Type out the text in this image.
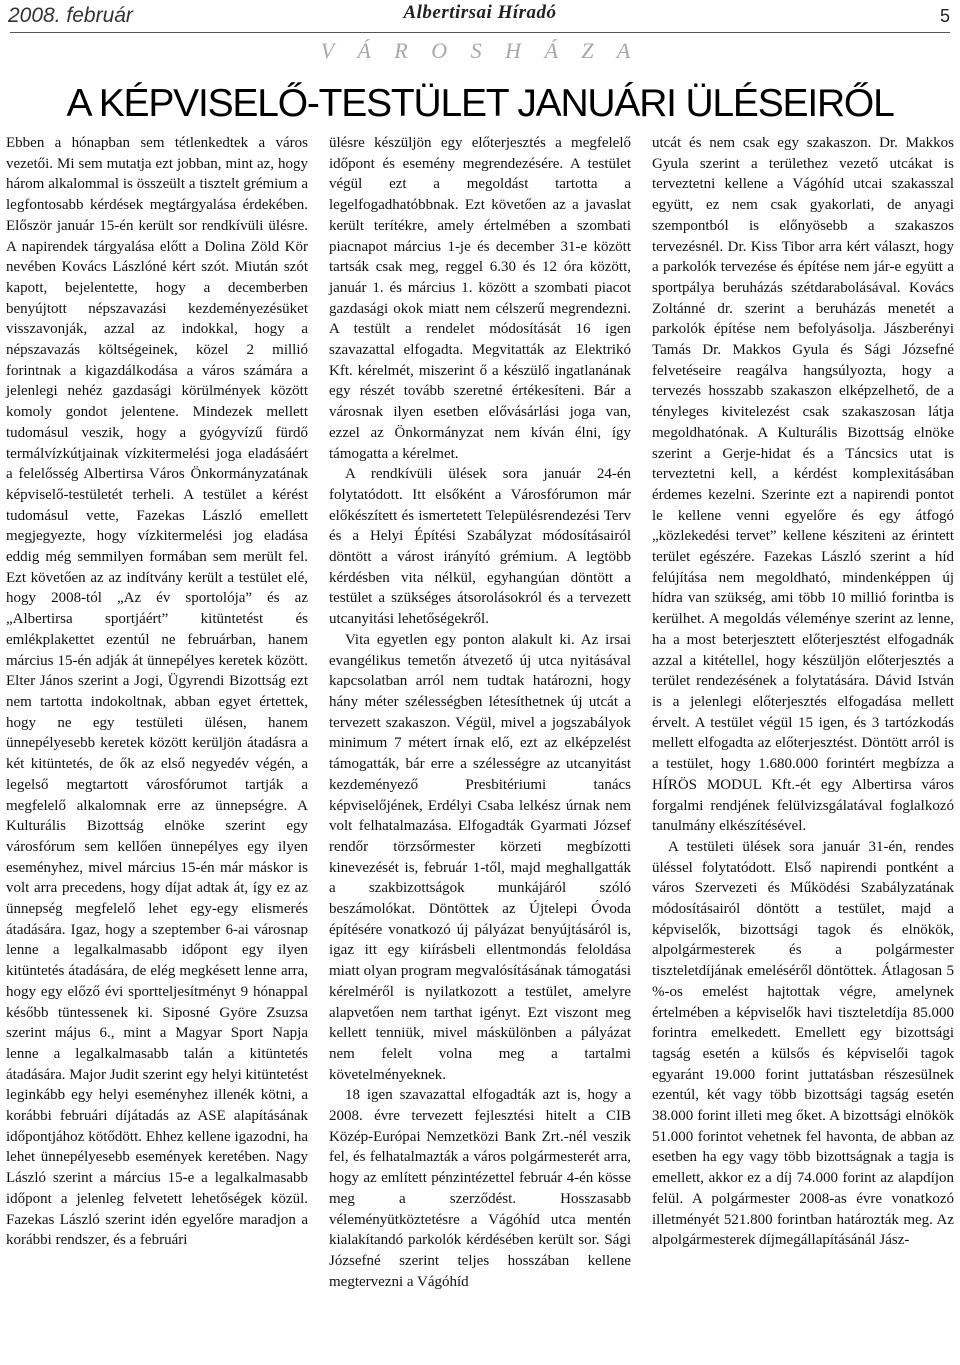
2008. február	Albertirsai Híradó	5
V Á R O S H Á Z A
A KÉPVISELŐ-TESTÜLET JANUÁRI ÜLÉSEIRŐL

Ebben a hónapban sem tétlenkedtek a város vezetői. Mi sem mutatja ezt jobban, mint az, hogy három alkalommal is összeült a tisztelt grémium a legfontosabb kérdések megtárgyalása érdekében. Először január 15-én került sor rendkívüli ülésre. A napirendek tárgyalása előtt a Dolina Zöld Kör nevében Kovács Lászlóné kért szót. Miután szót kapott, bejelentette, hogy a decemberben benyújtott népszavazási kezdeményezésüket visszavonják, azzal az indokkal, hogy a népszavazás költségeinek, közel 2 millió forintnak a kigazdálkodása a város számára a jelenlegi nehéz gazdasági körülmények között komoly gondot jelentene. Mindezek mellett tudomásul veszik, hogy a gyógyvízű fürdő termálvízkútjainak vízkitermelési joga eladásáért a felelősség Albertirsa Város Önkormányzatának képviselő-testületét terheli. A testület a kérést tudomásul vette, Fazekas László emellett megjegyezte, hogy vízkitermelési jog eladása eddig még semmilyen formában sem merült fel. Ezt követően az az indítvány került a testület elé, hogy 2008-tól „Az év sportolója” és az „Albertirsa sportjáért” kitüntetést és emlékplakettet ezentúl ne februárban, hanem március 15-én adják át ünnepélyes keretek között. Elter János szerint a Jogi, Ügyrendi Bizottság ezt nem tartotta indokoltnak, abban egyet értettek, hogy ne egy testületi ülésen, hanem ünnepélyesebb keretek között kerüljön átadásra a két kitüntetés, de ők az első negyedév végén, a legelső megtartott városfórumot tartják a megfelelő alkalomnak erre az ünnepségre. A Kulturális Bizottság elnöke szerint egy városfórum sem kellően ünnepélyes egy ilyen eseményhez, mivel március 15-én már máskor is volt arra precedens, hogy díjat adtak át, így ez az ünnepség megfelelő lehet egy-egy elismerés átadására. Igaz, hogy a szeptember 6-ai városnap lenne a legalkalmasabb időpont egy ilyen kitüntetés átadására, de elég megkésett lenne arra, hogy egy előző évi sportteljesítményt 9 hónappal később tüntessenek ki. Siposné Györe Zsuzsa szerint május 6., mint a Magyar Sport Napja lenne a legalkalmasabb talán a kitüntetés átadására. Major Judit szerint egy helyi kitüntetést leginkább egy helyi eseményhez illenék kötni, a korábbi februári díjátadás az ASE alapításának időpontjához kötődött. Ehhez kellene igazodni, ha lehet ünnepélyesebb események keretében. Nagy László szerint a március 15-e a legalkalmasabb időpont a jelenleg felvetett lehetőségek közül. Fazekas László szerint idén egyelőre maradjon a korábbi rendszer, és a februári

ülésre készüljön egy előterjesztés a megfelelő időpont és esemény megrendezésére. A testület végül ezt a megoldást tartotta a legelfogadhatóbbnak. Ezt követően az a javaslat került terítékre, amely értelmében a szombati piacnapot március 1-je és december 31-e között tartsák csak meg, reggel 6.30 és 12 óra között, január 1. és március 1. között a szombati piacot gazdasági okok miatt nem célszerű megrendezni. A testült a rendelet módosítását 16 igen szavazattal elfogadta. Megvitatták az Elektrikó Kft. kérelmét, miszerint ő a készülő ingatlanának egy részét tovább szeretné értékesíteni. Bár a városnak ilyen esetben elővásárlási joga van, ezzel az Önkormányzat nem kíván élni, így támogatta a kérelmet.

A rendkívüli ülések sora január 24-én folytatódott. Itt elsőként a Városfórumon már előkészített és ismertetett Településrendezési Terv és a Helyi Építési Szabályzat módosításairól döntött a várost irányító grémium. A legtöbb kérdésben vita nélkül, egyhangúan döntött a testület a szükséges átsorolásokról és a tervezett utcanyitási lehetőségekről.

Vita egyetlen egy ponton alakult ki. Az irsai evangélikus temetőn átvezető új utca nyitásával kapcsolatban arról nem tudtak határozni, hogy hány méter szélességben létesíthetnek új utcát a tervezett szakaszon. Végül, mivel a jogszabályok minimum 7 métert írnak elő, ezt az elképzelést támogatták, bár erre a szélességre az utcanyitást kezdeményező Presbitériumi tanács képviselőjének, Erdélyi Csaba lelkész úrnak nem volt felhatalmazása. Elfogadták Gyarmati József rendőr törzsőrmester körzeti megbízotti kinevezését is, február 1-től, majd meghallgatták a szakbizottságok munkájáról szóló beszámolókat. Döntöttek az Újtelepi Óvoda építésére vonatkozó új pályázat benyújtásáról is, igaz itt egy kiírásbeli ellentmondás feloldása miatt olyan program megvalósításának támogatási kérelméről is nyilatkozott a testület, amelyre alapvetően nem tarthat igényt. Ezt viszont meg kellett tenniük, mivel máskülönben a pályázat nem felelt volna meg a tartalmi követelményeknek.

18 igen szavazattal elfogadták azt is, hogy a 2008. évre tervezett fejlesztési hitelt a CIB Közép-Európai Nemzetközi Bank Zrt.-nél veszik fel, és felhatalmazták a város polgármesterét arra, hogy az említett pénzintézettel február 4-én kösse meg a szerződést. Hosszasabb véleményütköztetésre a Vágóhíd utca mentén kialakítandó parkolók kérdésében került sor. Sági Józsefné szerint teljes hosszában kellene megtervezni a Vágóhíd

utcát és nem csak egy szakaszon. Dr. Makkos Gyula szerint a területhez vezető utcákat is terveztetni kellene a Vágóhíd utcai szakasszal együtt, ez nem csak gyakorlati, de anyagi szempontból is előnyösebb a szakaszos tervezésnél. Dr. Kiss Tibor arra kért választ, hogy a parkolók tervezése és építése nem jár-e együtt a sportpálya beruházás szétdarabolásával. Kovács Zoltánné dr. szerint a beruházás menetét a parkolók építése nem befolyásolja. Jászberényi Tamás Dr. Makkos Gyula és Sági Józsefné felvetéseire reagálva hangsúlyozta, hogy a tervezés hosszabb szakaszon elképzelhető, de a tényleges kivitelezést csak szakaszosan látja megoldhatónak. A Kulturális Bizottság elnöke szerint a Gerje-hidat és a Táncsics utat is terveztetni kell, a kérdést komplexitásában érdemes kezelni. Szerinte ezt a napirendi pontot le kellene venni egyelőre és egy átfogó „közlekedési tervet” kellene késziteni az érintett terület egészére. Fazekas László szerint a híd felújítása nem megoldható, mindenképpen új hídra van szükség, ami több 10 millió forintba is kerülhet. A megoldás véleménye szerint az lenne, ha a most beterjesztett előterjesztést elfogadnák azzal a kitétellel, hogy készüljön előterjesztés a terület rendezésének a folytatására. Dávid István is a jelenlegi előterjesztés elfogadása mellett érvelt. A testület végül 15 igen, és 3 tartózkodás mellett elfogadta az előterjesztést. Döntött arról is a testület, hogy 1.680.000 forintért megbízza a HÍRÖS MODUL Kft.-ét egy Albertirsa város forgalmi rendjének felülvizsgálatával foglalkozó tanulmány elkészítésével.

A testületi ülések sora január 31-én, rendes üléssel folytatódott. Első napirendi pontként a város Szervezeti és Működési Szabályzatának módosításairól döntött a testület, majd a képviselők, bizottsági tagok és elnökök, alpolgármesterek és a polgármester tiszteletdíjának emeléséről döntöttek. Átlagosan 5 %-os emelést hajtottak végre, amelynek értelmében a képviselők havi tiszteletdíja 85.000 forintra emelkedett. Emellett egy bizottsági tagság esetén a külsős és képviselői tagok egyaránt 19.000 forint juttatásban részesülnek ezentúl, két vagy több bizottsági tagság esetén 38.000 forint illeti meg őket. A bizottsági elnökök 51.000 forintot vehetnek fel havonta, de abban az esetben ha egy vagy több bizottságnak a tagja is emellett, akkor ez a díj 74.000 forint az alapdíjon felül. A polgármester 2008-as évre vonatkozó illetményét 521.800 forintban határozták meg. Az alpolgármesterek díjmegállapításánál Jász-
